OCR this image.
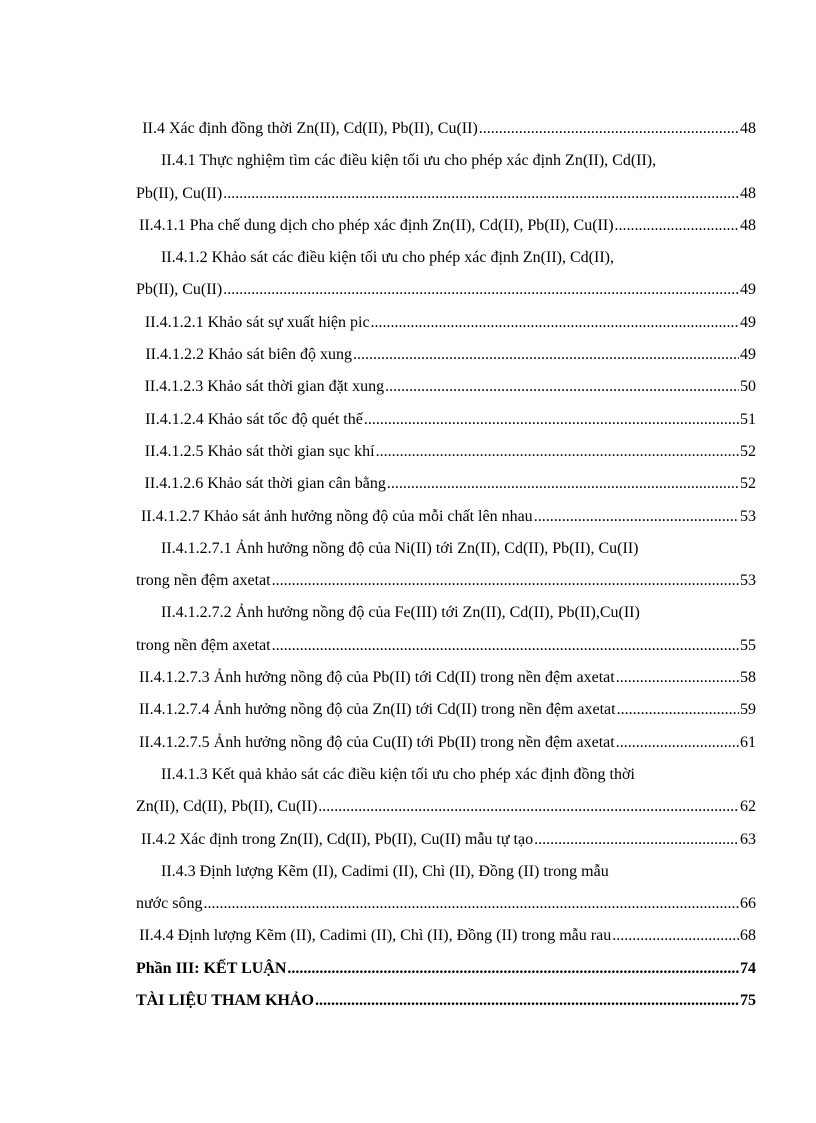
II.4 Xác định đồng thời Zn(II), Cd(II), Pb(II), Cu(II) .....	48
II.4.1 Thực nghiệm tìm các điều kiện tối ưu cho phép xác định Zn(II), Cd(II),
Pb(II), Cu(II) .....	48
II.4.1.1 Pha chế dung dịch cho phép xác định Zn(II), Cd(II), Pb(II), Cu(II) .....	48
II.4.1.2 Khảo sát các điều kiện tối ưu cho phép xác định Zn(II), Cd(II),
Pb(II), Cu(II) .....	49
II.4.1.2.1 Khảo sát sự xuất hiện pic .....	49
II.4.1.2.2 Khảo sát biên độ xung .....	49
II.4.1.2.3 Khảo sát thời gian đặt xung .....	50
II.4.1.2.4 Khảo sát tốc độ quét thế .....	51
II.4.1.2.5 Khảo sát thời gian sục khí .....	52
II.4.1.2.6 Khảo sát thời gian cân bằng .....	52
II.4.1.2.7 Khảo sát ảnh hưởng nồng độ của mỗi chất lên nhau .....	53
II.4.1.2.7.1 Ảnh hưởng nồng độ của Ni(II) tới Zn(II), Cd(II), Pb(II), Cu(II)
trong nền đệm axetat .....	53
II.4.1.2.7.2 Ảnh hưởng nồng độ của Fe(III) tới Zn(II), Cd(II), Pb(II),Cu(II)
trong nền đệm axetat .....	55
II.4.1.2.7.3 Ảnh hưởng nồng độ của Pb(II) tới Cd(II) trong nền đệm axetat .....	58
II.4.1.2.7.4 Ảnh hưởng nồng độ của Zn(II) tới Cd(II) trong nền đệm axetat .....	59
II.4.1.2.7.5 Ảnh hưởng nồng độ của Cu(II) tới Pb(II) trong nền đệm axetat .....	61
II.4.1.3 Kết quả khảo sát các điều kiện tối ưu cho phép xác định đồng thời
Zn(II), Cd(II), Pb(II), Cu(II) .....	62
II.4.2 Xác định trong Zn(II), Cd(II), Pb(II), Cu(II) mẫu tự tạo .....	63
II.4.3 Định lượng Kẽm (II), Cadimi (II), Chì (II), Đồng (II) trong mẫu
nước sông .....	66
II.4.4 Định lượng Kẽm (II), Cadimi (II), Chì (II), Đồng (II) trong mẫu rau .....	68
Phần III: KẾT LUẬN .....	74
TÀI LIỆU THAM KHẢO .....	75
